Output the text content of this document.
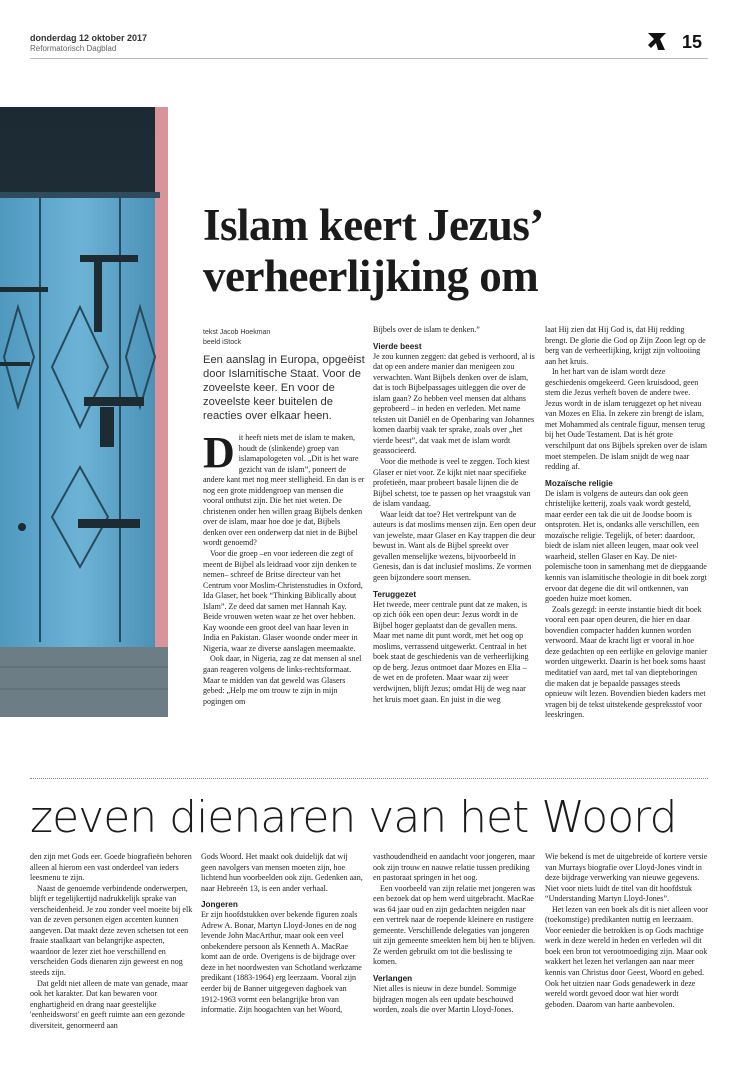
donderdag 12 oktober 2017
Reformatorisch Dagblad	15
Islam keert Jezus’
verheerlijking om
tekst Jacob Hoekman
beeld iStock
Een aanslag in Europa, opgeëist door Islamitische Staat. Voor de zoveelste keer. En voor de zoveelste keer buitelen de reacties over elkaar heen.

Dit heeft niets met de islam te maken, houdt de (slinkende) groep van islamapologeten vol. „Dit is het ware gezicht van de islam”, poneert de andere kant met nog meer stelligheid. En dan is er nog een grote middengroep van mensen die vooral onthutst zijn. Die het niet weten. De christenen onder hen willen graag Bijbels denken over de islam, maar hoe doe je dat, Bijbels denken over een onderwerp dat niet in de Bijbel wordt genoemd?

Voor die groep –en voor iedereen die zegt of meent de Bijbel als leidraad voor zijn denken te nemen– schreef de Britse directeur van het Centrum voor Moslim-Christenstudies in Oxford, Ida Glaser, het boek “Thinking Biblically about Islam”. Ze deed dat samen met Hannah Kay. Beide vrouwen weten waar ze het over hebben. Kay woonde een groot deel van haar leven in India en Pakistan. Glaser woonde onder meer in Nigeria, waar ze diverse aanslagen meemaakte.

Ook daar, in Nigeria, zag ze dat mensen al snel gaan reageren volgens de links-rechtsformaat. Maar te midden van dat geweld was Glasers gebed: „Help me om trouw te zijn in mijn pogingen om

Bijbels over de islam te denken.”

Vierde beest

Je zou kunnen zeggen: dat gebed is verhoord, al is dat op een andere manier dan menigeen zou verwachten. Want Bijbels denken over de islam, dat is toch Bijbelpassages uitleggen die over de islam gaan? Zo hebben veel mensen dat althans geprobeerd – in heden en verleden. Met name teksten uit Daniël en de Openbaring van Johannes komen daarbij vaak ter sprake, zoals over „het vierde beest”, dat vaak met de islam wordt geassocieerd.

Voor die methode is veel te zeggen. Toch kiest Glaser er niet voor. Ze kijkt niet naar specifieke profetieën, maar probeert basale lijnen die de Bijbel schetst, toe te passen op het vraagstuk van de islam vandaag.

Waar leidt dat toe? Het vertrekpunt van de auteurs is dat moslims mensen zijn. Een open deur van jewelste, maar Glaser en Kay trappen die deur bewust in. Want als de Bijbel spreekt over gevallen menselijke wezens, bijvoorbeeld in Genesis, dan is dat inclusief moslims. Ze vormen geen bijzondere soort mensen.

Teruggezet

Het tweede, meer centrale punt dat ze maken, is op zich óók een open deur: Jezus wordt in de Bijbel hoger geplaatst dan de gevallen mens. Maar met name dit punt wordt, met het oog op moslims, verrassend uitgewerkt. Centraal in het boek staat de geschiedenis van de verheerlijking op de berg. Jezus ontmoet daar Mozes en Elia – de wet en de profeten. Maar waar zij weer verdwijnen, blijft Jezus; omdat Hij de weg naar het kruis moet gaan. En juist in die weg

laat Hij zien dat Hij God is, dat Hij redding brengt. De glorie die God op Zijn Zoon legt op de berg van de verheerlijking, krijgt zijn voltooiing aan het kruis.

In het hart van de islam wordt deze geschiedenis omgekeerd. Geen kruisdood, geen stem die Jezus verheft boven de andere twee. Jezus wordt in de islam teruggezet op het niveau van Mozes en Elia. In zekere zin brengt de islam, met Mohammed als centrale figuur, mensen terug bij het Oude Testament. Dat is hét grote verschilpunt dat ons Bijbels spreken over de islam moet stempelen. De islam snijdt de weg naar redding af.

Mozaïsche religie

De islam is volgens de auteurs dan ook geen christelijke ketterij, zoals vaak wordt gesteld, maar eerder een tak die uit de Joodse boom is ontsproten. Het is, ondanks alle verschillen, een mozaïsche religie. Tegelijk, of beter: daardoor, biedt de islam niet alleen leugen, maar ook veel waarheid, stellen Glaser en Kay. De niet-polemische toon in samenhang met de diepgaande kennis van islamitische theologie in dit boek zorgt ervoor dat degene die dit wil ontkennen, van goeden huize moet komen.

Zoals gezegd: in eerste instantie biedt dit boek vooral een paar open deuren, die hier en daar bovendien compacter hadden kunnen worden verwoord. Maar de kracht ligt er vooral in hoe deze gedachten op een eerlijke en gelovige manier worden uitgewerkt. Daarin is het boek soms haast meditatief van aard, met tal van diepteboringen die maken dat je bepaalde passages steeds opnieuw wilt lezen. Bovendien bieden kaders met vragen bij de tekst uitstekende gespreksstof voor leeskringen.

zeven dienaren van het Woord

den zijn met Gods eer. Goede biografieën behoren alleen al hierom een vast onderdeel van ieders leesmenu te zijn.

Naast de genoemde verbindende onderwerpen, blijft er tegelijkertijd nadrukkelijk sprake van verscheidenheid. Je zou zonder veel moeite bij elk van de zeven personen eigen accenten kunnen aangeven. Dat maakt deze zeven schetsen tot een fraaie staalkaart van belangrijke aspecten, waardoor de lezer ziet hoe verschillend en verscheiden Gods dienaren zijn geweest en nog steeds zijn.

Dat geldt niet alleen de mate van genade, maar ook het karakter. Dat kan bewaren voor enghartigheid en drang naar geestelijke 'eenheidsworst' en geeft ruimte aan een gezonde diversiteit, genormeerd aan

Gods Woord. Het maakt ook duidelijk dat wij geen navolgers van mensen moeten zijn, hoe lichtend hun voorbeelden ook zijn. Gedenken aan, naar Hebreeën 13, is een ander verhaal.

Jongeren

Er zijn hoofdstukken over bekende figuren zoals Adrew A. Bonar, Martyn Lloyd-Jones en de nog levende John MacArthur, maar ook een veel onbekendere persoon als Kenneth A. MacRae komt aan de orde. Overigens is de bijdrage over deze in het noordwesten van Schotland werkzame predikant (1883-1964) erg leerzaam. Vooral zijn eerder bij de Banner uitgegeven dagboek van 1912-1963 vormt een belangrijke bron van informatie. Zijn hoogachten van het Woord,

vasthoudendheid en aandacht voor jongeren, maar ook zijn trouw en nauwe relatie tussen prediking en pastoraat springen in het oog.

Een voorbeeld van zijn relatie met jongeren was een bezoek dat op hem werd uitgebracht. MacRae was 64 jaar oud en zijn gedachten neigden naar een vertrek naar de roepende kleinere en rustigere gemeente. Verschillende delegaties van jongeren uit zijn gemeente smeekten hem bij hen te blijven. Ze werden gebruikt om tot die beslissing te komen.

Verlangen

Niet alles is nieuw in deze bundel. Sommige bijdragen mogen als een update beschouwd worden, zoals die over Martin Lloyd-Jones.

Wie bekend is met de uitgebreide of kortere versie van Murrays biografie over Lloyd-Jones vindt in deze bijdrage verwerking van nieuwe gegevens. Niet voor niets luidt de titel van dit hoofdstuk “Understanding Martyn Lloyd-Jones”.

Het lezen van een boek als dit is niet alleen voor (toekomstige) predikanten nuttig en leerzaam. Voor eenieder die betrokken is op Gods machtige werk in deze wereld in heden en verleden wil dit boek een bron tot verootmoediging zijn. Maar ook wakkert het lezen het verlangen aan naar meer kennis van Christus door Geest, Woord en gebed. Ook het uitzien naar Gods genadewerk in deze wereld wordt gevoed door wat hier wordt geboden. Daarom van harte aanbevolen.
